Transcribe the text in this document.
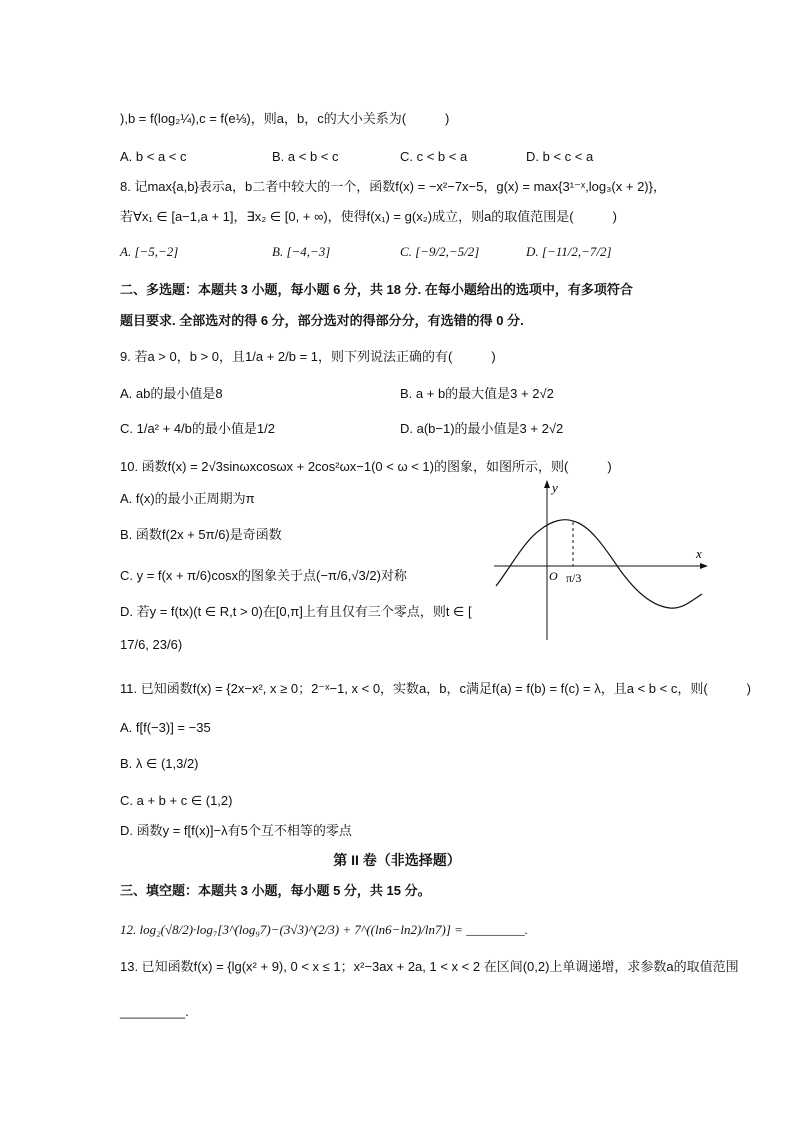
),b = f(log₂¼),c = f(e⅓)，则a，b，c的大小关系为(　　　)
A. b < a < c	B. a < b < c	C. c < b < a	D. b < c < a
8. 记max{a,b}表示a，b二者中较大的一个，函数f(x) = −x²−7x−5，g(x) = max{3¹⁻ˣ,log₃(x + 2)}，
若∀x₁ ∈ [a−1,a + 1]，∃x₂ ∈ [0, + ∞)，使得f(x₁) = g(x₂)成立，则a的取值范围是(　　　)
A. [−5,−2]	B. [−4,−3]	C. [−9/2,−5/2]	D. [−11/2,−7/2]
二、多选题：本题共 3 小题，每小题 6 分，共 18 分. 在每小题给出的选项中，有多项符合
题目要求. 全部选对的得 6 分，部分选对的得部分分，有选错的得 0 分.
9. 若a > 0，b > 0，且1/a + 2/b = 1，则下列说法正确的有(　　　)
A. ab的最小值是8	B. a + b的最大值是3 + 2√2
C. 1/a² + 4/b的最小值是1/2	D. a(b−1)的最小值是3 + 2√2
10. 函数f(x) = 2√3sinωxcosωx + 2cos²ωx−1(0 < ω < 1)的图象，如图所示，则(　　　)
A. f(x)的最小正周期为π
B. 函数f(2x + 5π/6)是奇函数
C. y = f(x + π/6)cosx的图象关于点(−π/6,√3/2)对称
D. 若y = f(tx)(t ∈ R,t > 0)在[0,π]上有且仅有三个零点，则t ∈ [
17/6, 23/6)
x
y
O π/3
11. 已知函数f(x) = {2x−x², x ≥ 0；2⁻ˣ−1, x < 0，实数a，b，c满足f(a) = f(b) = f(c) = λ，且a < b < c，则(　　　)
A. f[f(−3)] = −35
B. λ ∈ (1,3/2)
C. a + b + c ∈ (1,2)
D. 函数y = f[f(x)]−λ有5个互不相等的零点
第 II 卷（非选择题）
三、填空题：本题共 3 小题，每小题 5 分，共 15 分。
12. log₂(√8/2)·log₇[3^(log₉7)−(3√3)^(2/3) + 7^((ln6−ln2)/ln7)] = _________.
13. 已知函数f(x) = {lg(x² + 9), 0 < x ≤ 1；x²−3ax + 2a, 1 < x < 2 在区间(0,2)上单调递增，求参数a的取值范围
_________.
